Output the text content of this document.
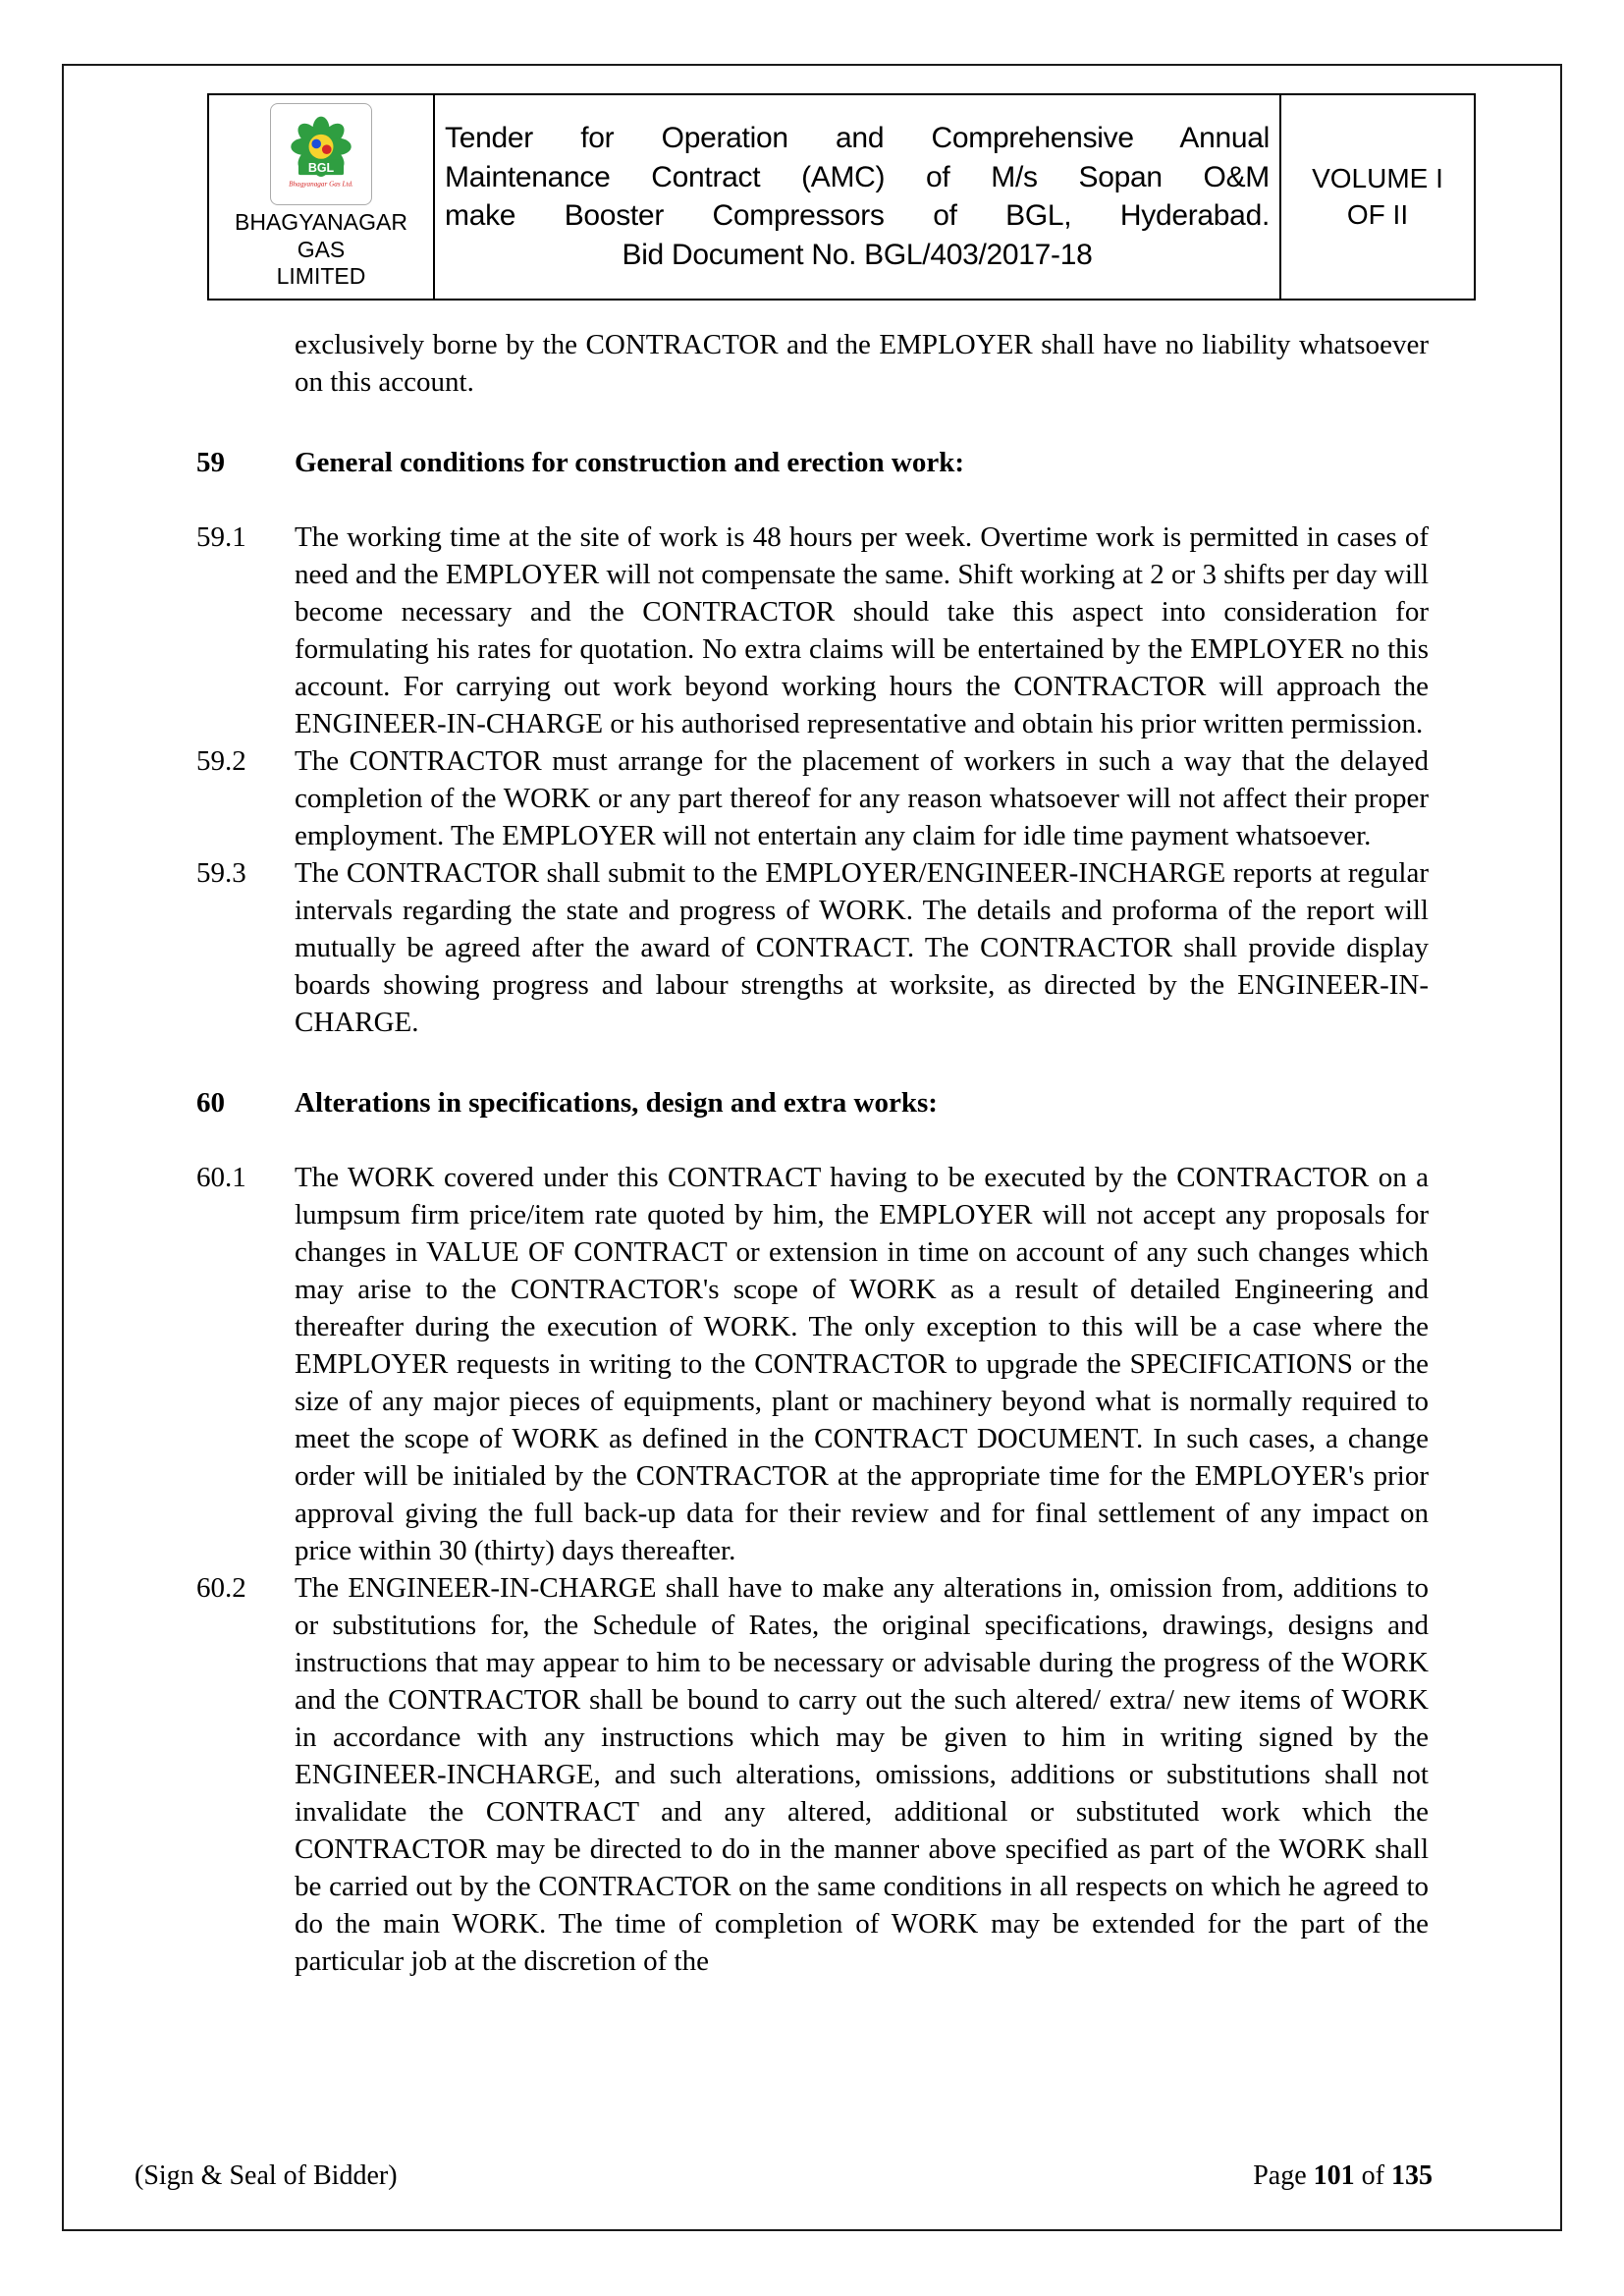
BGL
Bhagyanagar Gas Ltd.
BHAGYANAGAR GAS
LIMITED

Tender for Operation and Comprehensive Annual
Maintenance Contract (AMC) of M/s Sopan O&M
make Booster Compressors of BGL, Hyderabad.
Bid Document No. BGL/403/2017-18

VOLUME I
OF II

exclusively borne by the CONTRACTOR and the EMPLOYER shall have no liability whatsoever on this account.

59	General conditions for construction and erection work:
59.1	The working time at the site of work is 48 hours per week. Overtime work is permitted in cases of need and the EMPLOYER will not compensate the same. Shift working at 2 or 3 shifts per day will become necessary and the CONTRACTOR should take this aspect into consideration for formulating his rates for quotation. No extra claims will be entertained by the EMPLOYER no this account. For carrying out work beyond working hours the CONTRACTOR will approach the ENGINEER-IN-CHARGE or his authorised representative and obtain his prior written permission.
59.2	The CONTRACTOR must arrange for the placement of workers in such a way that the delayed completion of the WORK or any part thereof for any reason whatsoever will not affect their proper employment. The EMPLOYER will not entertain any claim for idle time payment whatsoever.
59.3	The CONTRACTOR shall submit to the EMPLOYER/ENGINEER-INCHARGE reports at regular intervals regarding the state and progress of WORK. The details and proforma of the report will mutually be agreed after the award of CONTRACT. The CONTRACTOR shall provide display boards showing progress and labour strengths at worksite, as directed by the ENGINEER-IN-CHARGE.
60	Alterations in specifications, design and extra works:
60.1	The WORK covered under this CONTRACT having to be executed by the CONTRACTOR on a lumpsum firm price/item rate quoted by him, the EMPLOYER will not accept any proposals for changes in VALUE OF CONTRACT or extension in time on account of any such changes which may arise to the CONTRACTOR's scope of WORK as a result of detailed Engineering and thereafter during the execution of WORK. The only exception to this will be a case where the EMPLOYER requests in writing to the CONTRACTOR to upgrade the SPECIFICATIONS or the size of any major pieces of equipments, plant or machinery beyond what is normally required to meet the scope of WORK as defined in the CONTRACT DOCUMENT. In such cases, a change order will be initialed by the CONTRACTOR at the appropriate time for the EMPLOYER's prior approval giving the full back-up data for their review and for final settlement of any impact on price within 30 (thirty) days thereafter.
60.2	The ENGINEER-IN-CHARGE shall have to make any alterations in, omission from, additions to or substitutions for, the Schedule of Rates, the original specifications, drawings, designs and instructions that may appear to him to be necessary or advisable during the progress of the WORK and the CONTRACTOR shall be bound to carry out the such altered/ extra/ new items of WORK in accordance with any instructions which may be given to him in writing signed by the ENGINEER-INCHARGE, and such alterations, omissions, additions or substitutions shall not invalidate the CONTRACT and any altered, additional or substituted work which the CONTRACTOR may be directed to do in the manner above specified as part of the WORK shall be carried out by the CONTRACTOR on the same conditions in all respects on which he agreed to do the main WORK. The time of completion of WORK may be extended for the part of the particular job at the discretion of the
(Sign & Seal of Bidder)	Page 101 of 135
